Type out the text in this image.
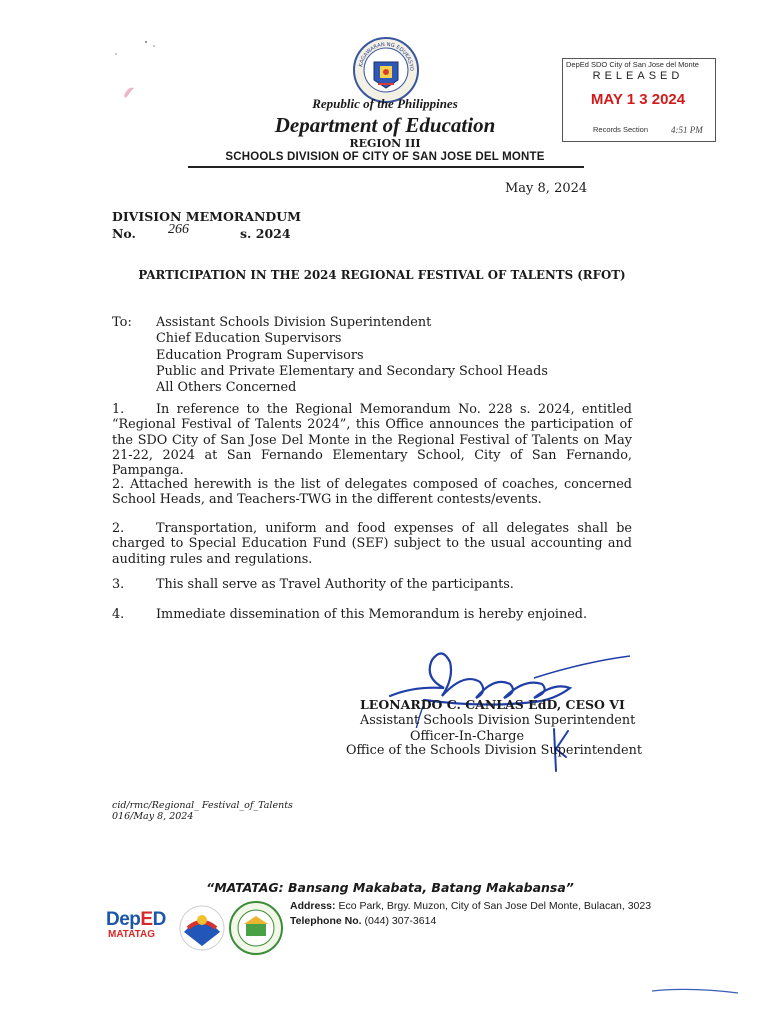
KAGAWARAN NG EDUKASYO
Republic of the Philippines
Department of Education
REGION III
SCHOOLS DIVISION OF CITY OF SAN JOSE DEL MONTE
DepEd SDO City of San Jose del Monte
RELEASED
MAY 1 3 2024
Records Section	4:51 PM
May 8, 2024
DIVISION MEMORANDUM
No. 266	s. 2024
PARTICIPATION IN THE 2024 REGIONAL FESTIVAL OF TALENTS (RFOT)
To: Assistant Schools Division Superintendent
Chief Education Supervisors
Education Program Supervisors
Public and Private Elementary and Secondary School Heads
All Others Concerned
1. In reference to the Regional Memorandum No. 228 s. 2024, entitled “Regional Festival of Talents 2024”, this Office announces the participation of the SDO City of San Jose Del Monte in the Regional Festival of Talents on May 21-22, 2024 at San Fernando Elementary School, City of San Fernando, Pampanga.
2. Attached herewith is the list of delegates composed of coaches, concerned School Heads, and Teachers-TWG in the different contests/events.
2. Transportation, uniform and food expenses of all delegates shall be charged to Special Education Fund (SEF) subject to the usual accounting and auditing rules and regulations.
3. This shall serve as Travel Authority of the participants.
4. Immediate dissemination of this Memorandum is hereby enjoined.
LEONARDO C. CANLAS EdD, CESO VI
Assistant Schools Division Superintendent
Officer-In-Charge
Office of the Schools Division Superintendent
cid/rmc/Regional_ Festival_of_Talents
016/May 8, 2024
“MATATAG: Bansang Makabata, Batang Makabansa”
DepED
MATATAG
Address: Eco Park, Brgy. Muzon, City of San Jose Del Monte, Bulacan, 3023
Telephone No. (044) 307-3614
